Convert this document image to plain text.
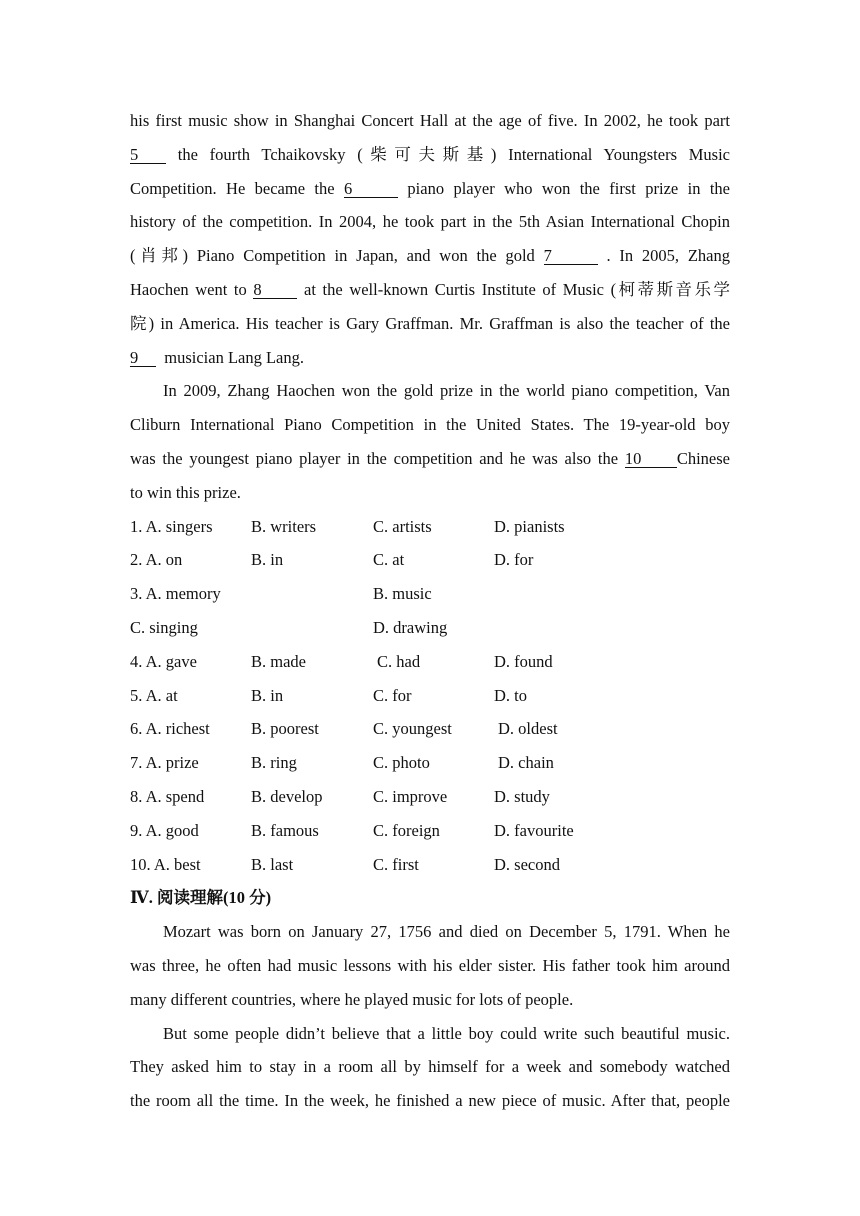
his first music show in Shanghai Concert Hall at the age of five. In 2002, he took part
5 the fourth Tchaikovsky (柴可夫斯基) International Youngsters Music
Competition. He became the 6	piano player who won the first prize in the
history of the competition. In 2004, he took part in the 5th Asian International Chopin
(肖邦) Piano Competition in Japan, and won the gold 7	. In 2005, Zhang
Haochen went to 8	at the well-known Curtis Institute of Music (柯蒂斯音乐学
院) in America. His teacher is Gary Graffman. Mr. Graffman is also the teacher of the
9 musician Lang Lang.
In 2009, Zhang Haochen won the gold prize in the world piano competition, Van
Cliburn International Piano Competition in the United States. The 19-year-old boy
was the youngest piano player in the competition and he was also the 10 Chinese
to win this prize.
1. A. singers B. writers	C. artists	D. pianists
2. A. on	B. in	C. at	D. for
3. A. memory	B. music
C. singing	D. drawing
4. A. gave	B. made	C. had	D. found
5. A. at	B. in	C. for	D. to
6. A. richest	B. poorest	C. youngest	D. oldest
7. A. prize	B. ring	C. photo	D. chain
8. A. spend	B. develop	C. improve	D. study
9. A. good	B. famous	C. foreign	D. favourite
10. A. best	B. last	C. first	D. second
Ⅳ. 阅读理解(10 分)
Mozart was born on January 27, 1756 and died on December 5, 1791. When he
was three, he often had music lessons with his elder sister. His father took him around
many different countries, where he played music for lots of people.
But some people didn’t believe that a little boy could write such beautiful music.
They asked him to stay in a room all by himself for a week and somebody watched
the room all the time. In the week, he finished a new piece of music. After that, people
